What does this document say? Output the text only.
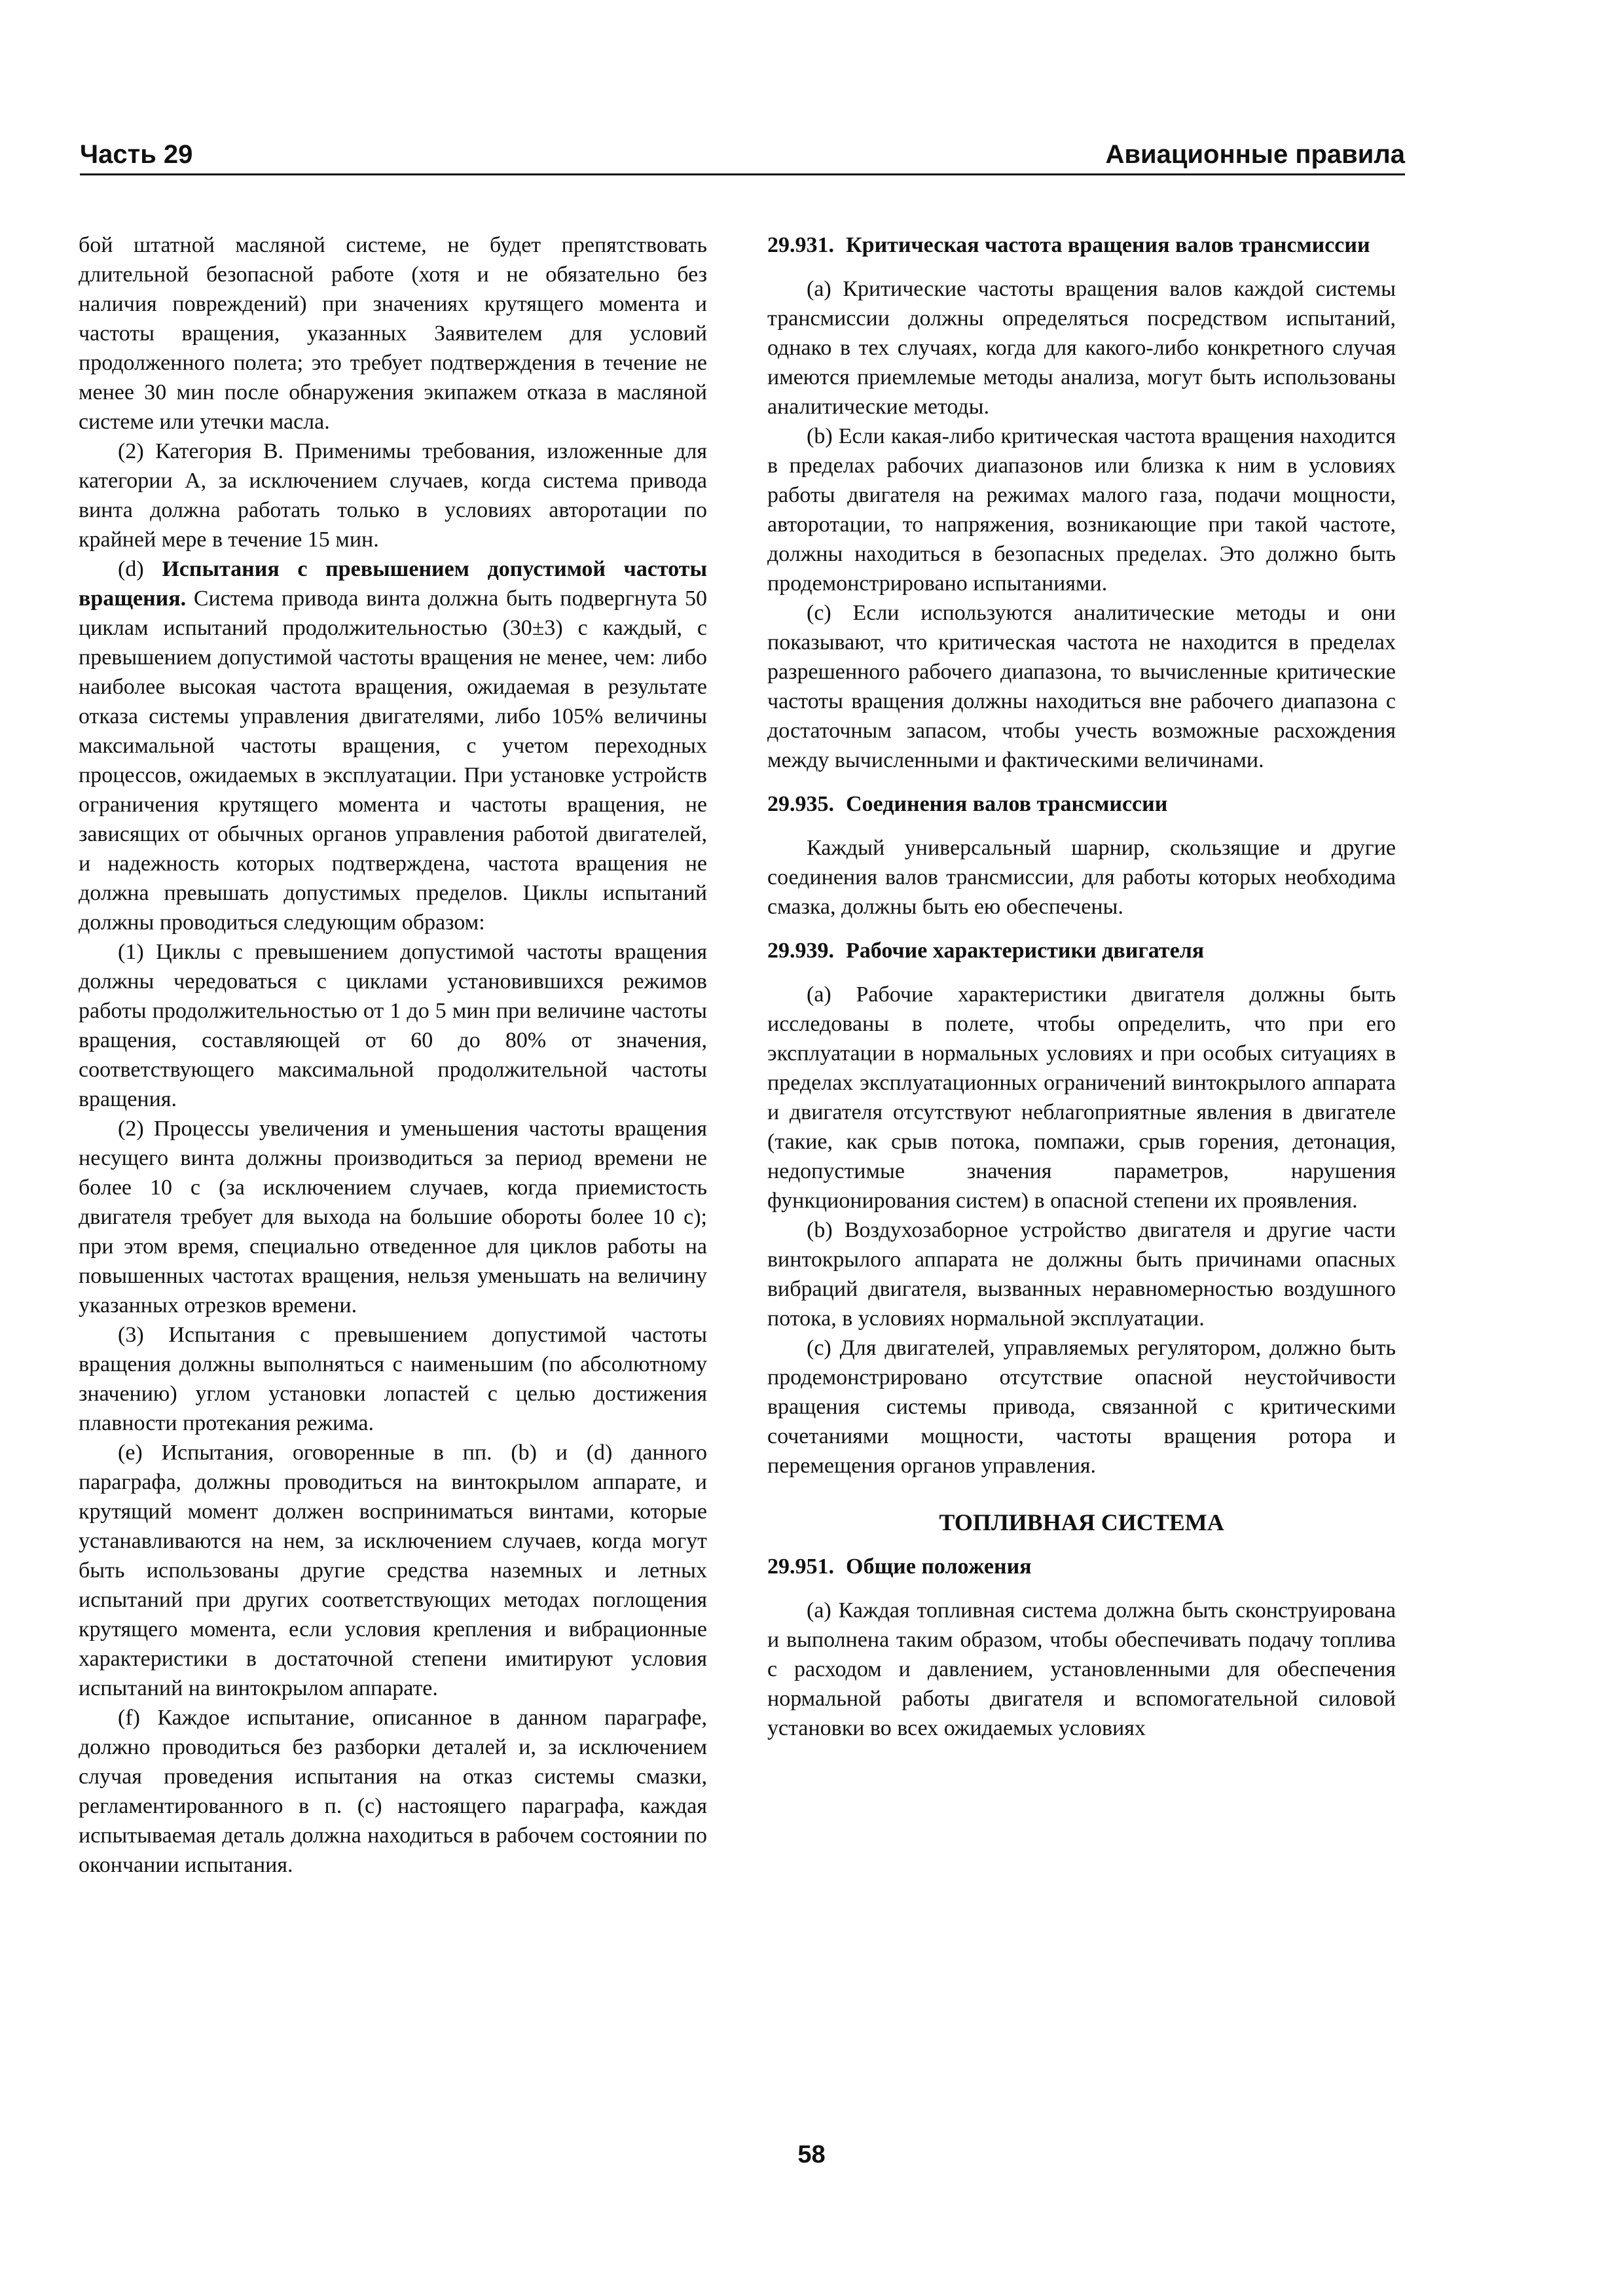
Часть 29	Авиационные правила

бой штатной масляной системе, не будет препятствовать длительной безопасной работе (хотя и не обязательно без наличия повреждений) при значениях крутящего момента и частоты вращения, указанных Заявителем для условий продолженного полета; это требует подтверждения в течение не менее 30 мин после обнаружения экипажем отказа в масляной системе или утечки масла.

(2) Категория В. Применимы требования, изложенные для категории А, за исключением случаев, когда система привода винта должна работать только в условиях авторотации по крайней мере в течение 15 мин.

(d) Испытания с превышением допустимой частоты вращения. Система привода винта должна быть подвергнута 50 циклам испытаний продолжительностью (30±3) с каждый, с превышением допустимой частоты вращения не менее, чем: либо наиболее высокая частота вращения, ожидаемая в результате отказа системы управления двигателями, либо 105% величины максимальной частоты вращения, с учетом переходных процессов, ожидаемых в эксплуатации. При установке устройств ограничения крутящего момента и частоты вращения, не зависящих от обычных органов управления работой двигателей, и надежность которых подтверждена, частота вращения не должна превышать допустимых пределов. Циклы испытаний должны проводиться следующим образом:

(1) Циклы с превышением допустимой частоты вращения должны чередоваться с циклами установившихся режимов работы продолжительностью от 1 до 5 мин при величине частоты вращения, составляющей от 60 до 80% от значения, соответствующего максимальной продолжительной частоты вращения.

(2) Процессы увеличения и уменьшения частоты вращения несущего винта должны производиться за период времени не более 10 с (за исключением случаев, когда приемистость двигателя требует для выхода на большие обороты более 10 с); при этом время, специально отведенное для циклов работы на повышенных частотах вращения, нельзя уменьшать на величину указанных отрезков времени.

(3) Испытания с превышением допустимой частоты вращения должны выполняться с наименьшим (по абсолютному значению) углом установки лопастей с целью достижения плавности протекания режима.

(e) Испытания, оговоренные в пп. (b) и (d) данного параграфа, должны проводиться на винтокрылом аппарате, и крутящий момент должен восприниматься винтами, которые устанавливаются на нем, за исключением случаев, когда могут быть использованы другие средства наземных и летных испытаний при других соответствующих методах поглощения крутящего момента, если условия крепления и вибрационные характеристики в достаточной степени имитируют условия испытаний на винтокрылом аппарате.

(f) Каждое испытание, описанное в данном параграфе, должно проводиться без разборки деталей и, за исключением случая проведения испытания на отказ системы смазки, регламентированного в п. (c) настоящего параграфа, каждая испытываемая деталь должна находиться в рабочем состоянии по окончании испытания.

29.931. Критическая частота вращения валов трансмиссии

(a) Критические частоты вращения валов каждой системы трансмиссии должны определяться посредством испытаний, однако в тех случаях, когда для какого-либо конкретного случая имеются приемлемые методы анализа, могут быть использованы аналитические методы.

(b) Если какая-либо критическая частота вращения находится в пределах рабочих диапазонов или близка к ним в условиях работы двигателя на режимах малого газа, подачи мощности, авторотации, то напряжения, возникающие при такой частоте, должны находиться в безопасных пределах. Это должно быть продемонстрировано испытаниями.

(c) Если используются аналитические методы и они показывают, что критическая частота не находится в пределах разрешенного рабочего диапазона, то вычисленные критические частоты вращения должны находиться вне рабочего диапазона с достаточным запасом, чтобы учесть возможные расхождения между вычисленными и фактическими величинами.

29.935. Соединения валов трансмиссии

Каждый универсальный шарнир, скользящие и другие соединения валов трансмиссии, для работы которых необходима смазка, должны быть ею обеспечены.

29.939. Рабочие характеристики двигателя

(a) Рабочие характеристики двигателя должны быть исследованы в полете, чтобы определить, что при его эксплуатации в нормальных условиях и при особых ситуациях в пределах эксплуатационных ограничений винтокрылого аппарата и двигателя отсутствуют неблагоприятные явления в двигателе (такие, как срыв потока, помпажи, срыв горения, детонация, недопустимые значения параметров, нарушения функционирования систем) в опасной степени их проявления.

(b) Воздухозаборное устройство двигателя и другие части винтокрылого аппарата не должны быть причинами опасных вибраций двигателя, вызванных неравномерностью воздушного потока, в условиях нормальной эксплуатации.

(c) Для двигателей, управляемых регулятором, должно быть продемонстрировано отсутствие опасной неустойчивости вращения системы привода, связанной с критическими сочетаниями мощности, частоты вращения ротора и перемещения органов управления.

ТОПЛИВНАЯ СИСТЕМА
29.951. Общие положения

(a) Каждая топливная система должна быть сконструирована и выполнена таким образом, чтобы обеспечивать подачу топлива с расходом и давлением, установленными для обеспечения нормальной работы двигателя и вспомогательной силовой установки во всех ожидаемых условиях

58
